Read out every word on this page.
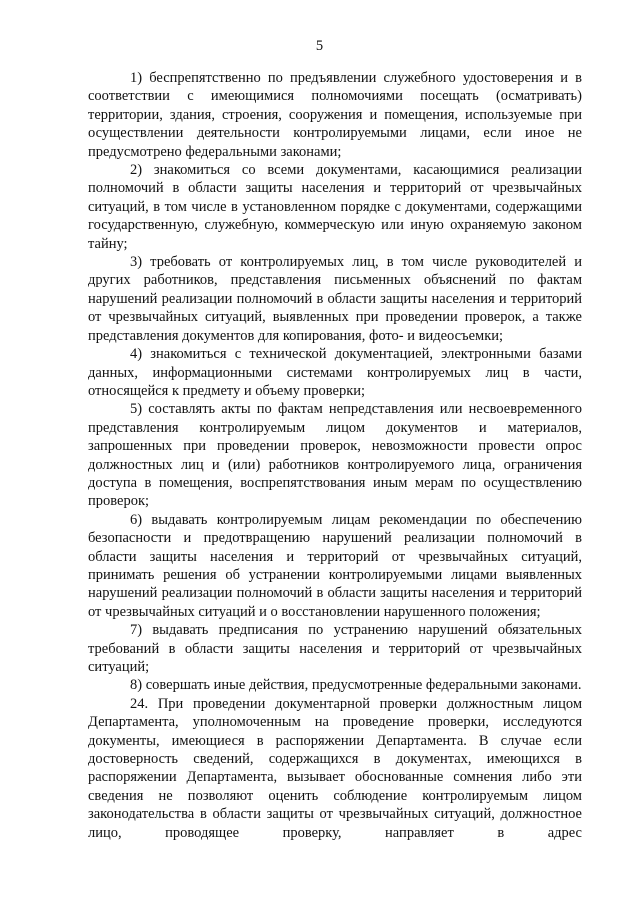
5

1) беспрепятственно по предъявлении служебного удостоверения и в соответствии с имеющимися полномочиями посещать (осматривать) территории, здания, строения, сооружения и помещения, используемые при осуществлении деятельности контролируемыми лицами, если иное не предусмотрено федеральными законами;

2) знакомиться со всеми документами, касающимися реализации полномочий в области защиты населения и территорий от чрезвычайных ситуаций, в том числе в установленном порядке с документами, содержащими государственную, служебную, коммерческую или иную охраняемую законом тайну;

3) требовать от контролируемых лиц, в том числе руководителей и других работников, представления письменных объяснений по фактам нарушений реализации полномочий в области защиты населения и территорий от чрезвычайных ситуаций, выявленных при проведении проверок, а также представления документов для копирования, фото- и видеосъемки;

4) знакомиться с технической документацией, электронными базами данных, информационными системами контролируемых лиц в части, относящейся к предмету и объему проверки;

5) составлять акты по фактам непредставления или несвоевременного представления контролируемым лицом документов и материалов, запрошенных при проведении проверок, невозможности провести опрос должностных лиц и (или) работников контролируемого лица, ограничения доступа в помещения, воспрепятствования иным мерам по осуществлению проверок;

6) выдавать контролируемым лицам рекомендации по обеспечению безопасности и предотвращению нарушений реализации полномочий в области защиты населения и территорий от чрезвычайных ситуаций, принимать решения об устранении контролируемыми лицами выявленных нарушений реализации полномочий в области защиты населения и территорий от чрезвычайных ситуаций и о восстановлении нарушенного положения;

7) выдавать предписания по устранению нарушений обязательных требований в области защиты населения и территорий от чрезвычайных ситуаций;

8) совершать иные действия, предусмотренные федеральными законами.

24. При проведении документарной проверки должностным лицом Департамента, уполномоченным на проведение проверки, исследуются документы, имеющиеся в распоряжении Департамента. В случае если достоверность сведений, содержащихся в документах, имеющихся в распоряжении Департамента, вызывает обоснованные сомнения либо эти сведения не позволяют оценить соблюдение контролируемым лицом законодательства в области защиты от чрезвычайных ситуаций, должностное лицо, проводящее проверку, направляет в адрес
